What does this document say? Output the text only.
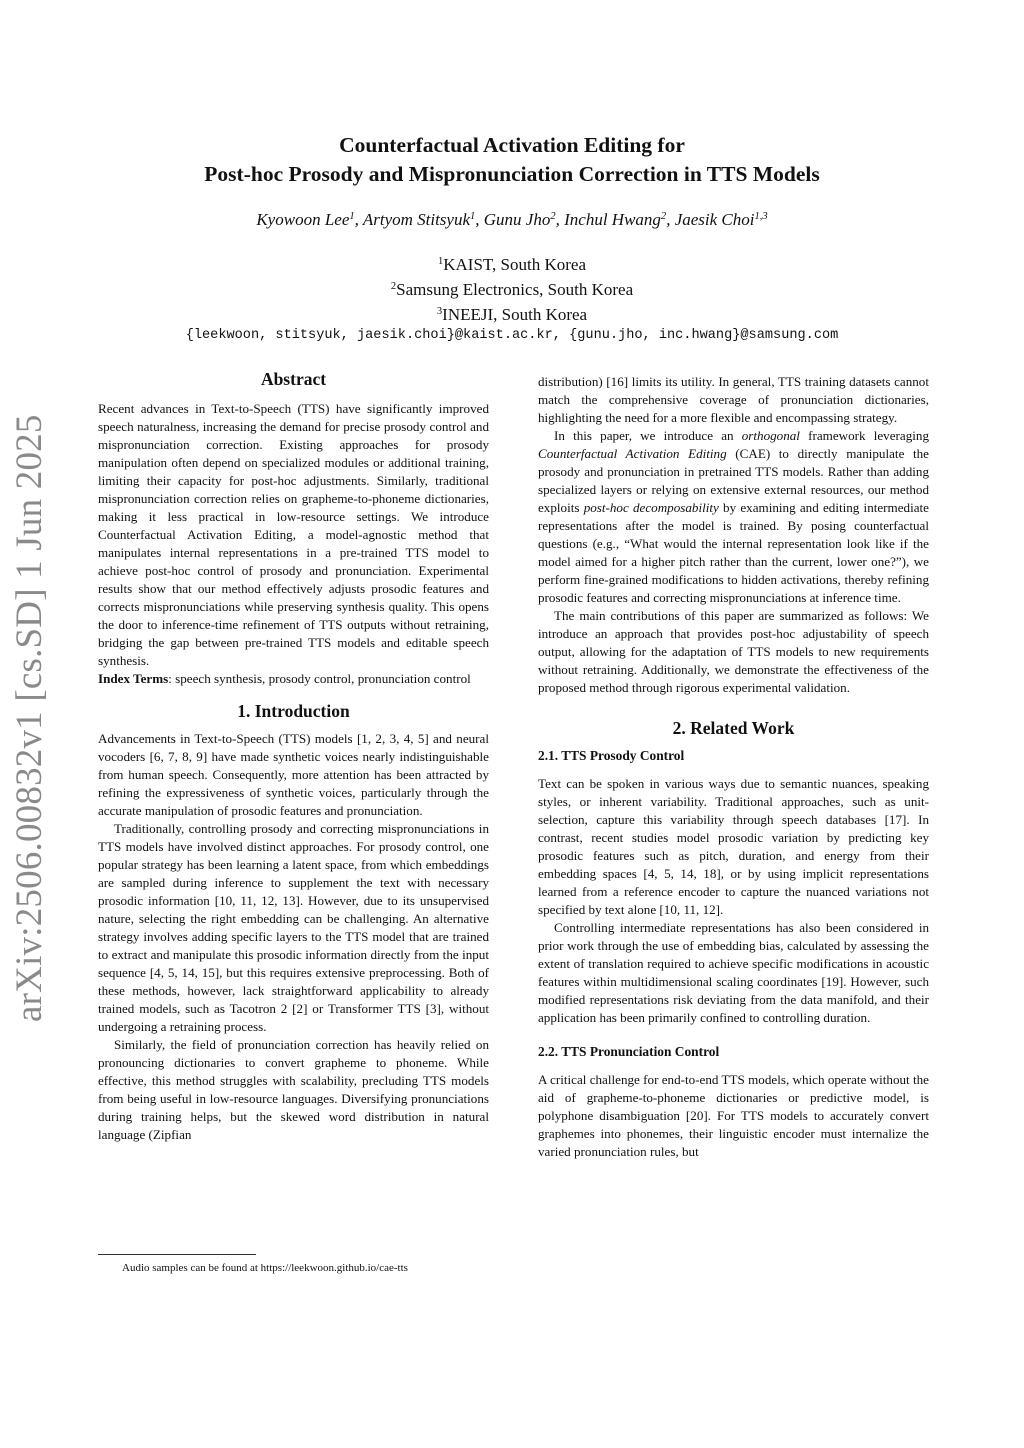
arXiv:2506.00832v1 [cs.SD] 1 Jun 2025
Counterfactual Activation Editing for
Post-hoc Prosody and Mispronunciation Correction in TTS Models
Kyowoon Lee$^1$, Artyom Stitsyuk$^1$, Gunu Jho$^2$, Inchul Hwang$^2$, Jaesik Choi$^{1,3}$
$^1$KAIST, South Korea
$^2$Samsung Electronics, South Korea
$^3$INEEJI, South Korea
{leekwoon, stitsyuk, jaesik.choi}@kaist.ac.kr, {gunu.jho, inc.hwang}@samsung.com
Abstract

Recent advances in Text-to-Speech (TTS) have significantly improved speech naturalness, increasing the demand for precise prosody control and mispronunciation correction. Existing approaches for prosody manipulation often depend on specialized modules or additional training, limiting their capacity for post-hoc adjustments. Similarly, traditional mispronunciation correction relies on grapheme-to-phoneme dictionaries, making it less practical in low-resource settings. We introduce Counterfactual Activation Editing, a model-agnostic method that manipulates internal representations in a pre-trained TTS model to achieve post-hoc control of prosody and pronunciation. Experimental results show that our method effectively adjusts prosodic features and corrects mispronunciations while preserving synthesis quality. This opens the door to inference-time refinement of TTS outputs without retraining, bridging the gap between pre-trained TTS models and editable speech synthesis.

Index Terms: speech synthesis, prosody control, pronunciation control

1. Introduction

Advancements in Text-to-Speech (TTS) models [1, 2, 3, 4, 5] and neural vocoders [6, 7, 8, 9] have made synthetic voices nearly indistinguishable from human speech. Consequently, more attention has been attracted by refining the expressiveness of synthetic voices, particularly through the accurate manipulation of prosodic features and pronunciation.

Traditionally, controlling prosody and correcting mispronunciations in TTS models have involved distinct approaches. For prosody control, one popular strategy has been learning a latent space, from which embeddings are sampled during inference to supplement the text with necessary prosodic information [10, 11, 12, 13]. However, due to its unsupervised nature, selecting the right embedding can be challenging. An alternative strategy involves adding specific layers to the TTS model that are trained to extract and manipulate this prosodic information directly from the input sequence [4, 5, 14, 15], but this requires extensive preprocessing. Both of these methods, however, lack straightforward applicability to already trained models, such as Tacotron 2 [2] or Transformer TTS [3], without undergoing a retraining process.

Similarly, the field of pronunciation correction has heavily relied on pronouncing dictionaries to convert grapheme to phoneme. While effective, this method struggles with scalability, precluding TTS models from being useful in low-resource languages. Diversifying pronunciations during training helps, but the skewed word distribution in natural language (Zipfian

distribution) [16] limits its utility. In general, TTS training datasets cannot match the comprehensive coverage of pronunciation dictionaries, highlighting the need for a more flexible and encompassing strategy.

In this paper, we introduce an orthogonal framework leveraging Counterfactual Activation Editing (CAE) to directly manipulate the prosody and pronunciation in pretrained TTS models. Rather than adding specialized layers or relying on extensive external resources, our method exploits post-hoc decomposability by examining and editing intermediate representations after the model is trained. By posing counterfactual questions (e.g., “What would the internal representation look like if the model aimed for a higher pitch rather than the current, lower one?”), we perform fine-grained modifications to hidden activations, thereby refining prosodic features and correcting mispronunciations at inference time.

The main contributions of this paper are summarized as follows: We introduce an approach that provides post-hoc adjustability of speech output, allowing for the adaptation of TTS models to new requirements without retraining. Additionally, we demonstrate the effectiveness of the proposed method through rigorous experimental validation.

2. Related Work
2.1. TTS Prosody Control

Text can be spoken in various ways due to semantic nuances, speaking styles, or inherent variability. Traditional approaches, such as unit-selection, capture this variability through speech databases [17]. In contrast, recent studies model prosodic variation by predicting key prosodic features such as pitch, duration, and energy from their embedding spaces [4, 5, 14, 18], or by using implicit representations learned from a reference encoder to capture the nuanced variations not specified by text alone [10, 11, 12].

Controlling intermediate representations has also been considered in prior work through the use of embedding bias, calculated by assessing the extent of translation required to achieve specific modifications in acoustic features within multidimensional scaling coordinates [19]. However, such modified representations risk deviating from the data manifold, and their application has been primarily confined to controlling duration.

2.2. TTS Pronunciation Control

A critical challenge for end-to-end TTS models, which operate without the aid of grapheme-to-phoneme dictionaries or predictive model, is polyphone disambiguation [20]. For TTS models to accurately convert graphemes into phonemes, their linguistic encoder must internalize the varied pronunciation rules, but

Audio samples can be found at https://leekwoon.github.io/cae-tts
